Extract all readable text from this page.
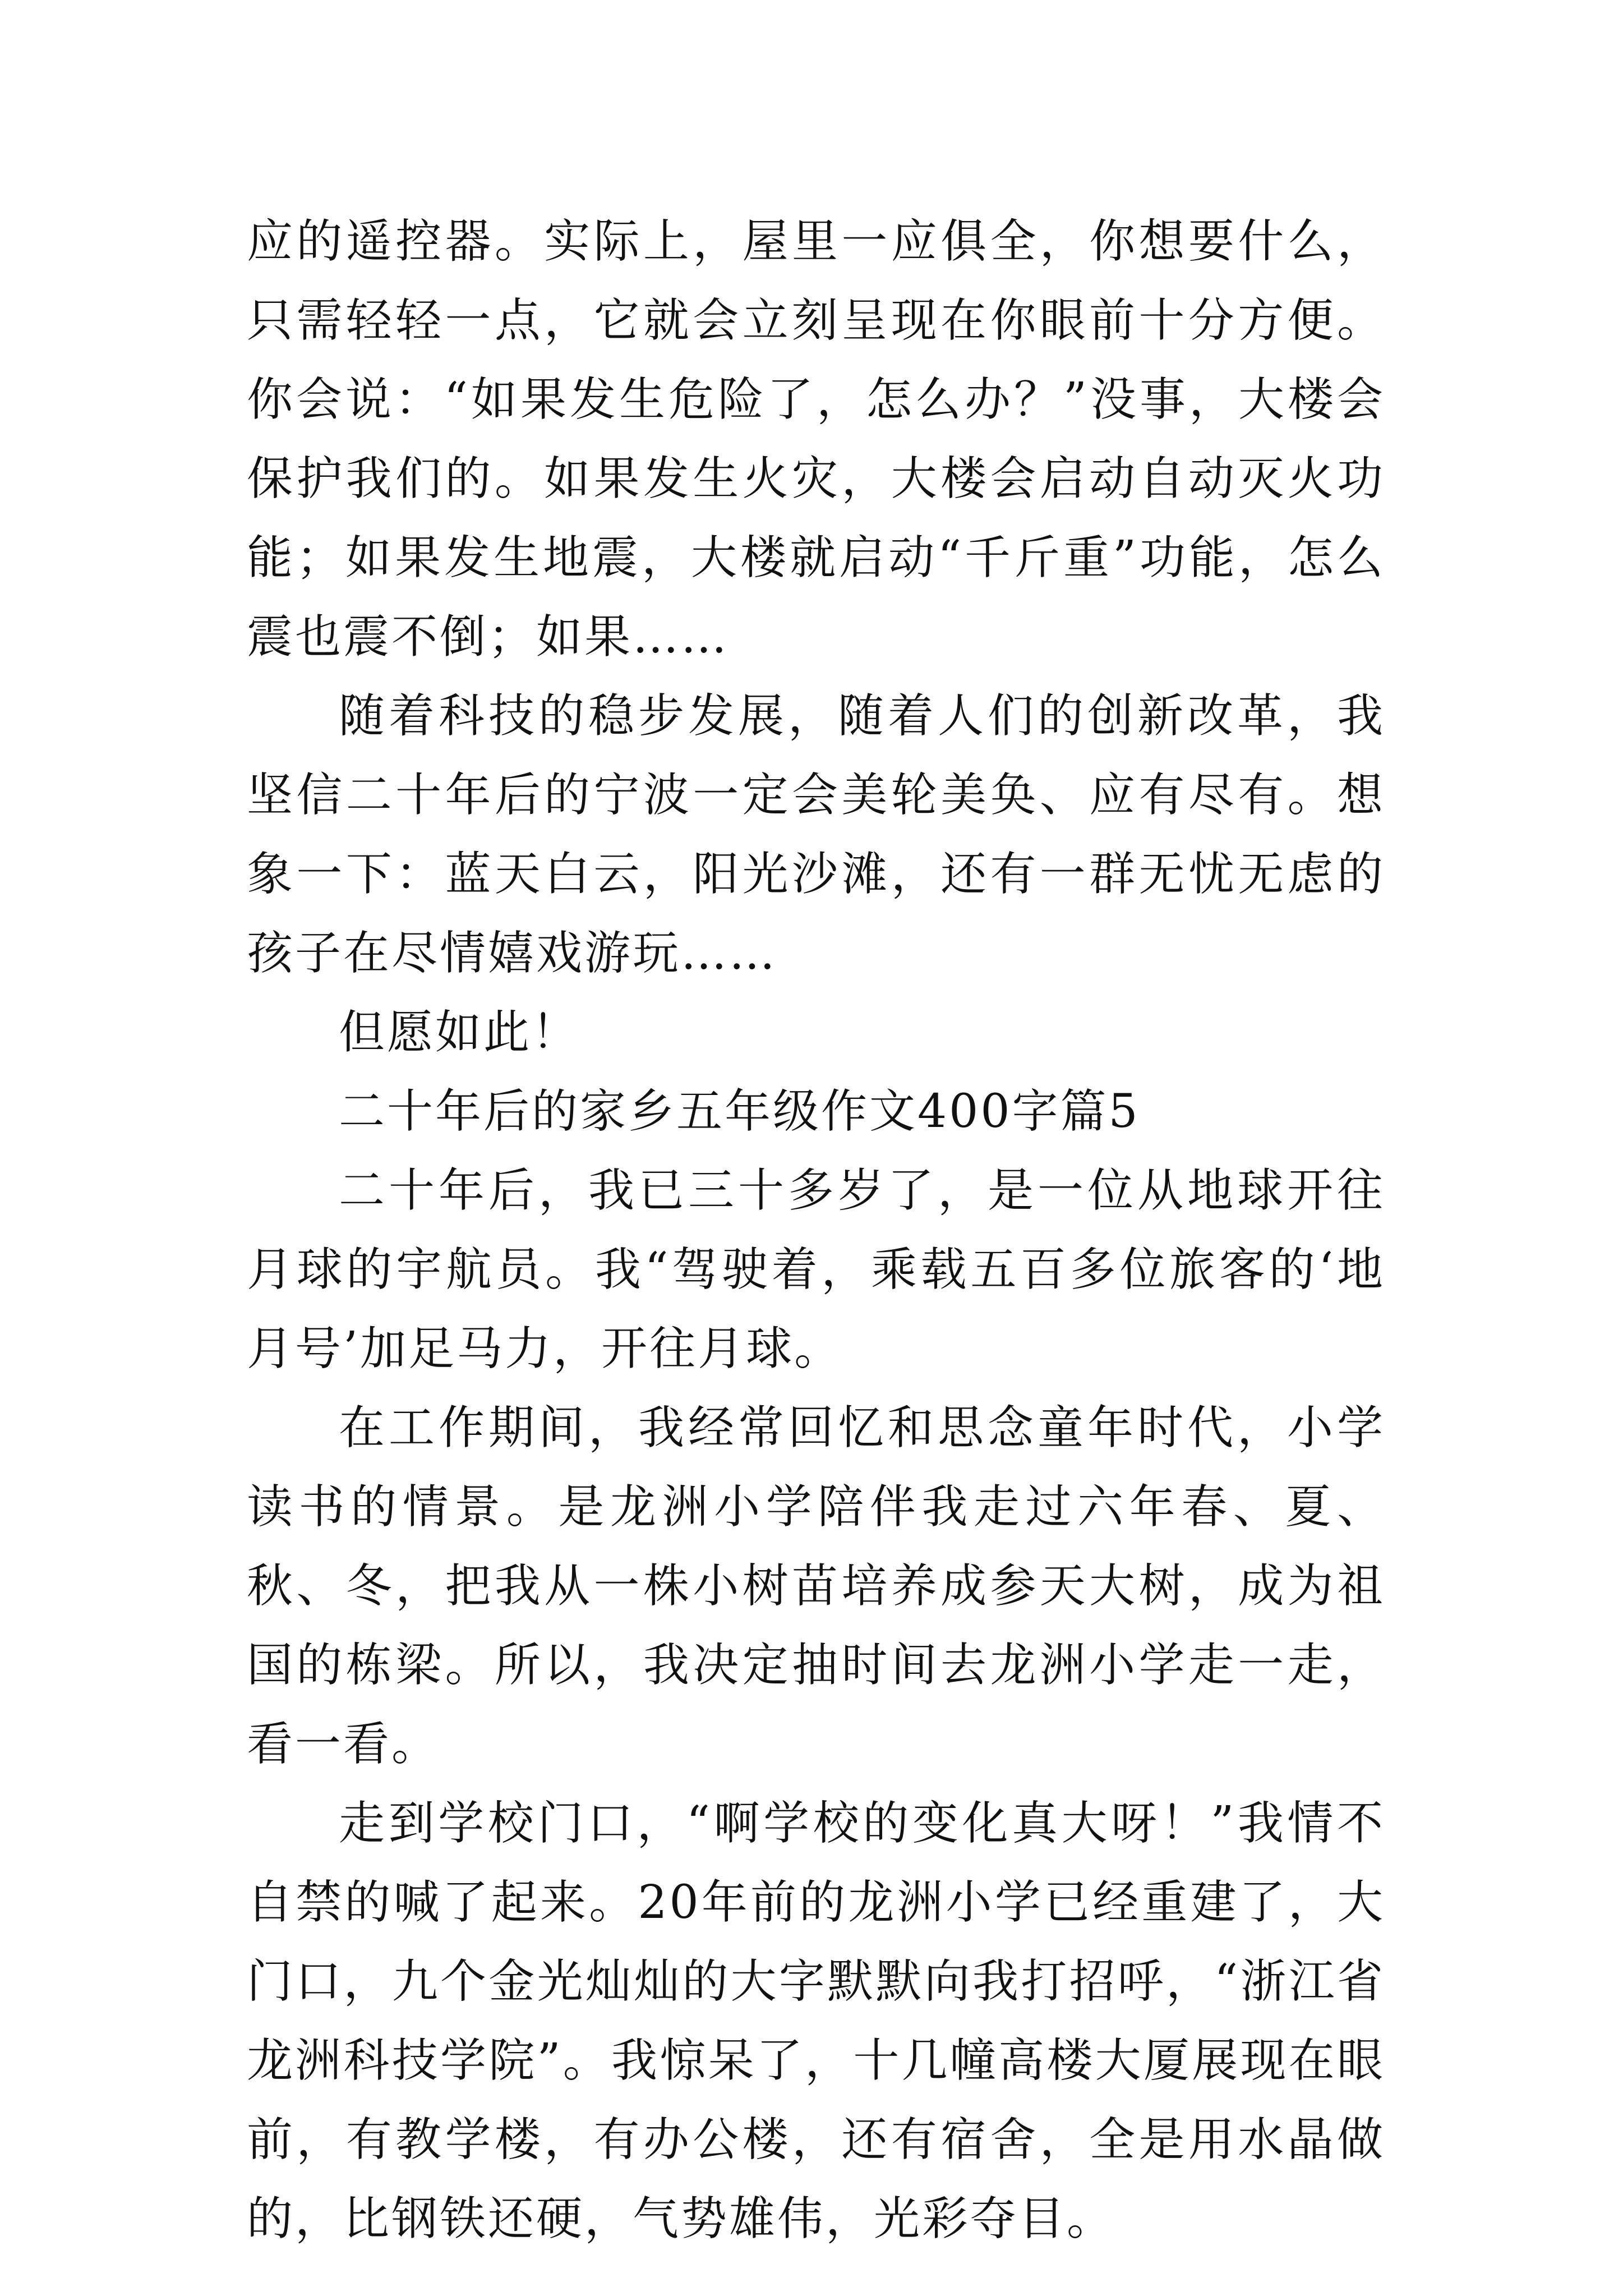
应的遥控器。实际上，屋里一应俱全，你想要什么，只需轻轻一点，它就会立刻呈现在你眼前十分方便。你会说：“如果发生危险了，怎么办？”没事，大楼会保护我们的。如果发生火灾，大楼会启动自动灭火功能；如果发生地震，大楼就启动“千斤重”功能，怎么震也震不倒；如果……

随着科技的稳步发展，随着人们的创新改革，我坚信二十年后的宁波一定会美轮美奂、应有尽有。想象一下：蓝天白云，阳光沙滩，还有一群无忧无虑的孩子在尽情嬉戏游玩……

但愿如此！

二十年后的家乡五年级作文400字篇5

二十年后，我已三十多岁了，是一位从地球开往月球的宇航员。我“驾驶着，乘载五百多位旅客的‘地月号’加足马力，开往月球。

在工作期间，我经常回忆和思念童年时代，小学读书的情景。是龙洲小学陪伴我走过六年春、夏、秋、冬，把我从一株小树苗培养成参天大树，成为祖国的栋梁。所以，我决定抽时间去龙洲小学走一走，看一看。

走到学校门口，“啊学校的变化真大呀！”我情不自禁的喊了起来。20年前的龙洲小学已经重建了，大门口，九个金光灿灿的大字默默向我打招呼，“浙江省龙洲科技学院”。我惊呆了，十几幢高楼大厦展现在眼前，有教学楼，有办公楼，还有宿舍，全是用水晶做的，比钢铁还硬，气势雄伟，光彩夺目。
